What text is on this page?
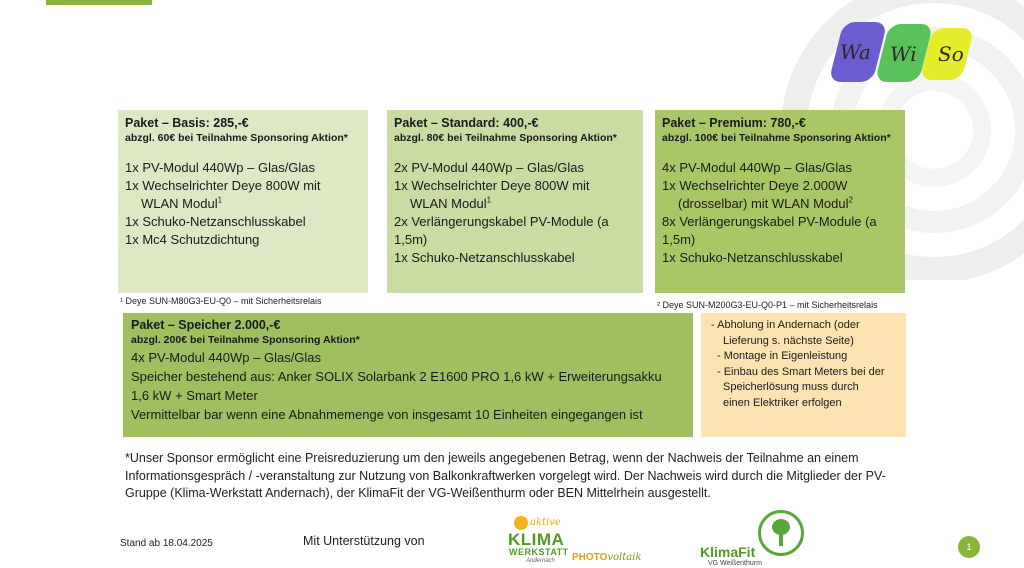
Wa Wi So
Paket – Basis: 285,-€
abzgl. 60€ bei Teilnahme Sponsoring Aktion*
1x PV-Modul 440Wp – Glas/Glas
1x Wechselrichter Deye 800W mit
WLAN Modul$^1$
1x Schuko-Netzanschlusskabel
1x Mc4 Schutzdichtung
Paket – Standard: 400,-€
abzgl. 80€ bei Teilnahme Sponsoring Aktion*
2x PV-Modul 440Wp – Glas/Glas
1x Wechselrichter Deye 800W mit
WLAN Modul$^1$
2x Verlängerungskabel PV-Module (a
1,5m)
1x Schuko-Netzanschlusskabel
Paket – Premium: 780,-€
abzgl. 100€ bei Teilnahme Sponsoring Aktion*
4x PV-Modul 440Wp – Glas/Glas
1x Wechselrichter Deye 2.000W
(drosselbar) mit WLAN Modul$^2$
8x Verlängerungskabel PV-Module (a
1,5m)
1x Schuko-Netzanschlusskabel
¹ Deye SUN-M80G3-EU-Q0 – mit Sicherheitsrelais	² Deye SUN-M200G3-EU-Q0-P1 – mit Sicherheitsrelais
Paket – Speicher 2.000,-€
abzgl. 200€ bei Teilnahme Sponsoring Aktion*
4x PV-Modul 440Wp – Glas/Glas
Speicher bestehend aus: Anker SOLIX Solarbank 2 E1600 PRO 1,6 kW + Erweiterungsakku
1,6 kW + Smart Meter
Vermittelbar bar wenn eine Abnahmemenge von insgesamt 10 Einheiten eingegangen ist
- Abholung in Andernach (oder
Lieferung s. nächste Seite)
- Montage in Eigenleistung
- Einbau des Smart Meters bei der
Speicherlösung muss durch
einen Elektriker erfolgen
*Unser Sponsor ermöglicht eine Preisreduzierung um den jeweils angegebenen Betrag, wenn der Nachweis der Teilnahme an einem Informationsgespräch / -veranstaltung zur Nutzung von Balkonkraftwerken vorgelegt wird. Der Nachweis wird durch die Mitglieder der PV-Gruppe (Klima-Werkstatt Andernach), der KlimaFit der VG-Weißenthurm oder BEN Mittelrhein ausgestellt.
Stand ab 18.04.2025	Mit Unterstützung von
aktive
KLIMA
WERKSTATT
Andernach PHOTOvoltaik	KlimaFit
VG Weißenthurm
1
